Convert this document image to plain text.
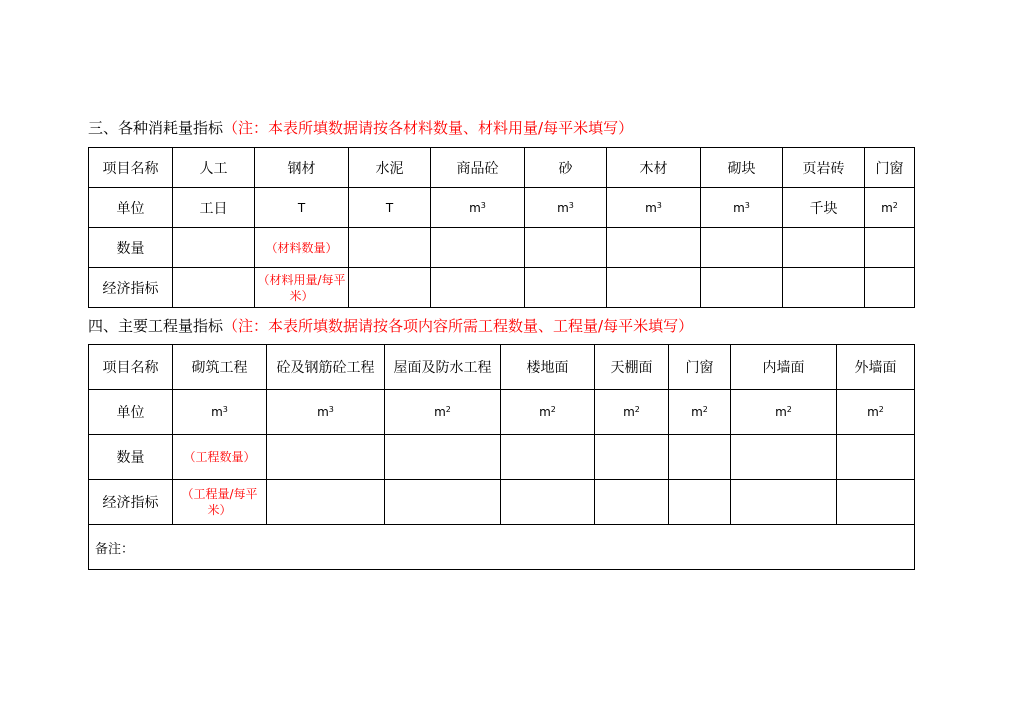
三、各种消耗量指标（注：本表所填数据请按各材料数量、材料用量/每平米填写）
项目名称	人工	钢材	水泥	商品砼	砂	木材	砌块	页岩砖	门窗
单位	工日	T	T	$m^3$	$m^3$	$m^3$	$m^3$	千块	$m^2$
数量		（材料数量）							
经济指标		（材料用量/每平米）							
四、主要工程量指标（注：本表所填数据请按各项内容所需工程数量、工程量/每平米填写）
项目名称	砌筑工程	砼及钢筋砼工程	屋面及防水工程	楼地面	天棚面	门窗	内墙面	外墙面
单位	$m^3$	$m^3$	$m^2$	$m^2$	$m^2$	$m^2$	$m^2$	$m^2$
数量	（工程数量）							
经济指标	（工程量/每平米）							
备注：								
